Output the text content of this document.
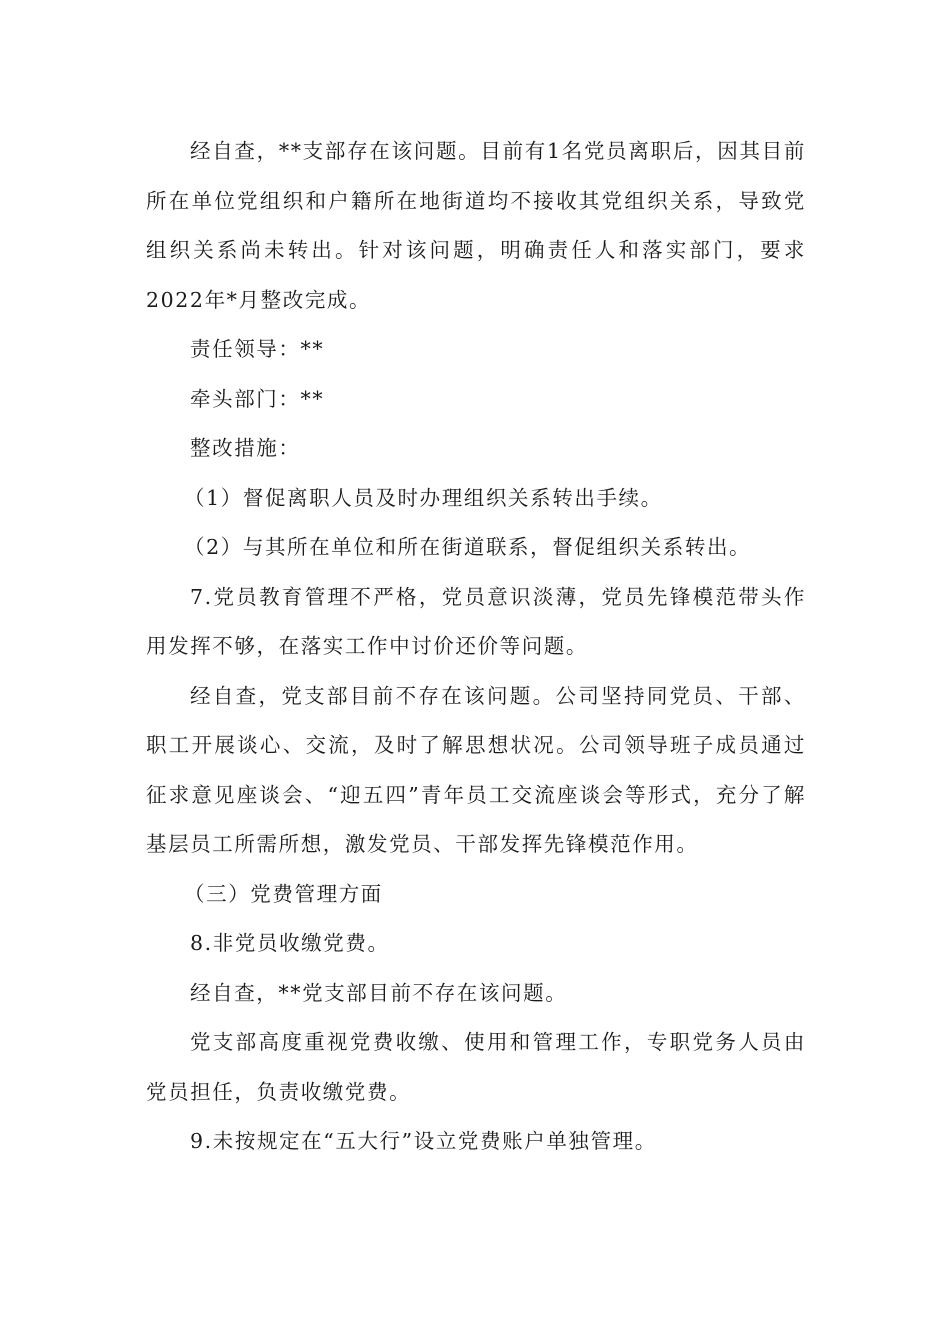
经自查，**支部存在该问题。目前有1名党员离职后，因其目前所在单位党组织和户籍所在地街道均不接收其党组织关系，导致党组织关系尚未转出。针对该问题，明确责任人和落实部门，要求2022年*月整改完成。

责任领导：**

牵头部门：**

整改措施：

（1）督促离职人员及时办理组织关系转出手续。

（2）与其所在单位和所在街道联系，督促组织关系转出。

7.党员教育管理不严格，党员意识淡薄，党员先锋模范带头作用发挥不够，在落实工作中讨价还价等问题。

经自查，党支部目前不存在该问题。公司坚持同党员、干部、职工开展谈心、交流，及时了解思想状况。公司领导班子成员通过征求意见座谈会、“迎五四”青年员工交流座谈会等形式，充分了解基层员工所需所想，激发党员、干部发挥先锋模范作用。

（三）党费管理方面

8.非党员收缴党费。

经自查，**党支部目前不存在该问题。

党支部高度重视党费收缴、使用和管理工作，专职党务人员由党员担任，负责收缴党费。

9.未按规定在“五大行”设立党费账户单独管理。
